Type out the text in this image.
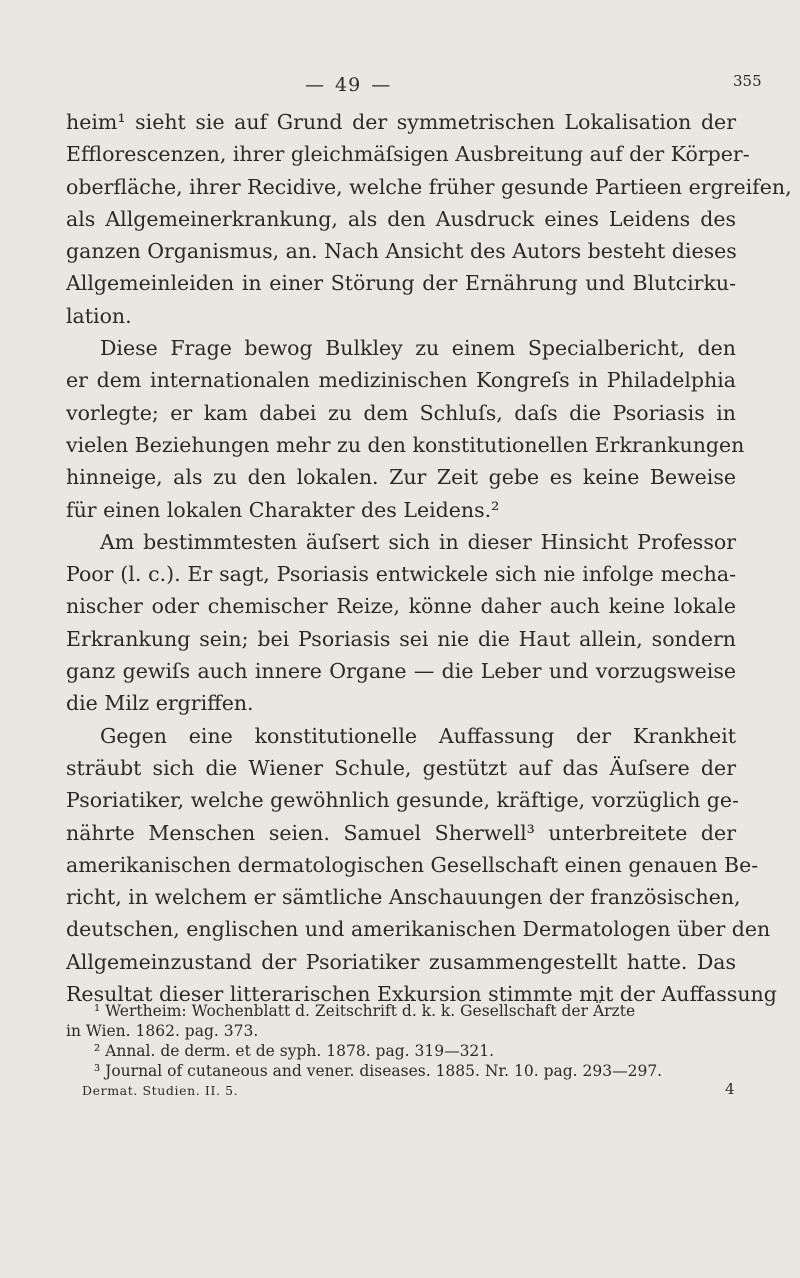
— 49 —	355

heim¹ sieht sie auf Grund der symmetrischen Lokalisation der
Efflorescenzen, ihrer gleichmäſsigen Ausbreitung auf der Körper-
oberfläche, ihrer Recidive, welche früher gesunde Partieen ergreifen,
als Allgemeinerkrankung, als den Ausdruck eines Leidens des
ganzen Organismus, an. Nach Ansicht des Autors besteht dieses
Allgemeinleiden in einer Störung der Ernährung und Blutcirku-
lation.

Diese Frage bewog Bulkley zu einem Specialbericht, den
er dem internationalen medizinischen Kongreſs in Philadelphia
vorlegte; er kam dabei zu dem Schluſs, daſs die Psoriasis in
vielen Beziehungen mehr zu den konstitutionellen Erkrankungen
hinneige, als zu den lokalen. Zur Zeit gebe es keine Beweise
für einen lokalen Charakter des Leidens.²

Am bestimmtesten äuſsert sich in dieser Hinsicht Professor
Poor (l. c.). Er sagt, Psoriasis entwickele sich nie infolge mecha-
nischer oder chemischer Reize, könne daher auch keine lokale
Erkrankung sein; bei Psoriasis sei nie die Haut allein, sondern
ganz gewiſs auch innere Organe — die Leber und vorzugsweise
die Milz ergriffen.

Gegen eine konstitutionelle Auffassung der Krankheit
sträubt sich die Wiener Schule, gestützt auf das Äuſsere der
Psoriatiker, welche gewöhnlich gesunde, kräftige, vorzüglich ge-
nährte Menschen seien. Samuel Sherwell³ unterbreitete der
amerikanischen dermatologischen Gesellschaft einen genauen Be-
richt, in welchem er sämtliche Anschauungen der französischen,
deutschen, englischen und amerikanischen Dermatologen über den
Allgemeinzustand der Psoriatiker zusammengestellt hatte. Das
Resultat dieser litterarischen Exkursion stimmte mit der Auffassung

¹ Wertheim: Wochenblatt d. Zeitschrift d. k. k. Gesellschaft der Ärzte
in Wien. 1862. pag. 373.
² Annal. de derm. et de syph. 1878. pag. 319—321.
³ Journal of cutaneous and vener. diseases. 1885. Nr. 10. pag. 293—297.
Dermat. Studien. II. 5.	4
